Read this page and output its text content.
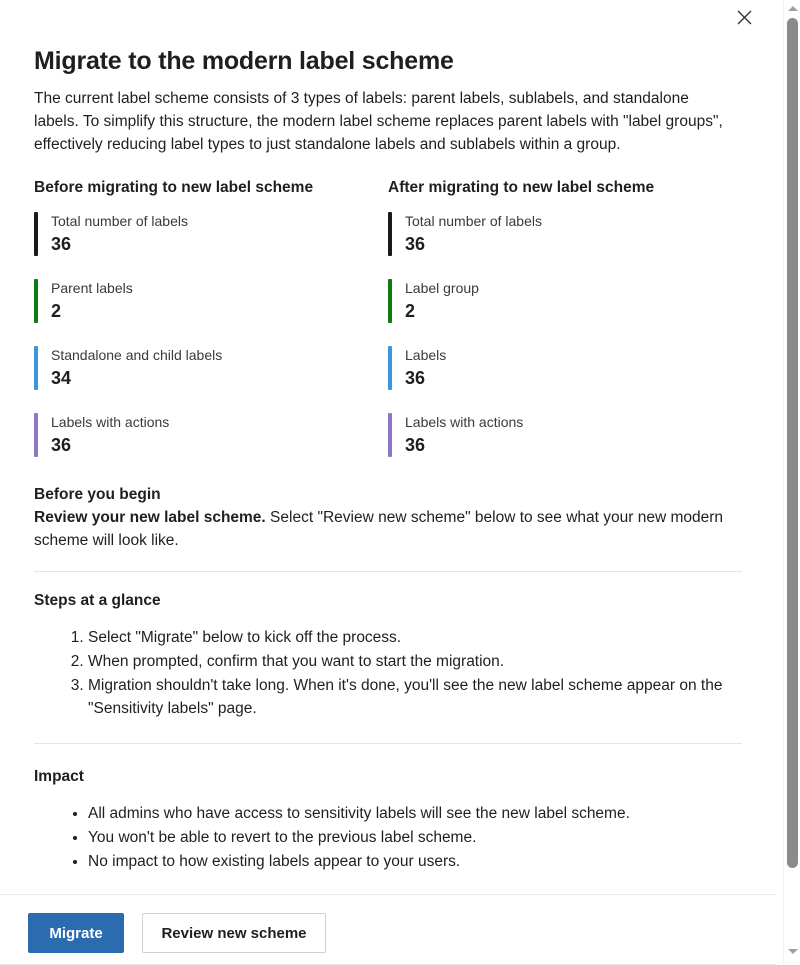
Migrate to the modern label scheme

The current label scheme consists of 3 types of labels: parent labels, sublabels, and standalone labels. To simplify this structure, the modern label scheme replaces parent labels with "label groups", effectively reducing label types to just standalone labels and sublabels within a group.

Before migrating to new label scheme
Total number of labels
36
Parent labels
2
Standalone and child labels
34
Labels with actions
36
After migrating to new label scheme
Total number of labels
36
Label group
2
Labels
36
Labels with actions
36
Before you begin

Review your new label scheme. Select "Review new scheme" below to see what your new modern scheme will look like.

Steps at a glance
1. Select "Migrate" below to kick off the process.
2. When prompted, confirm that you want to start the migration.
3. Migration shouldn't take long. When it's done, you'll see the new label scheme appear on the "Sensitivity labels" page.
Impact
• All admins who have access to sensitivity labels will see the new label scheme.
• You won't be able to revert to the previous label scheme.
• No impact to how existing labels appear to your users.
Migrate	Review new scheme
